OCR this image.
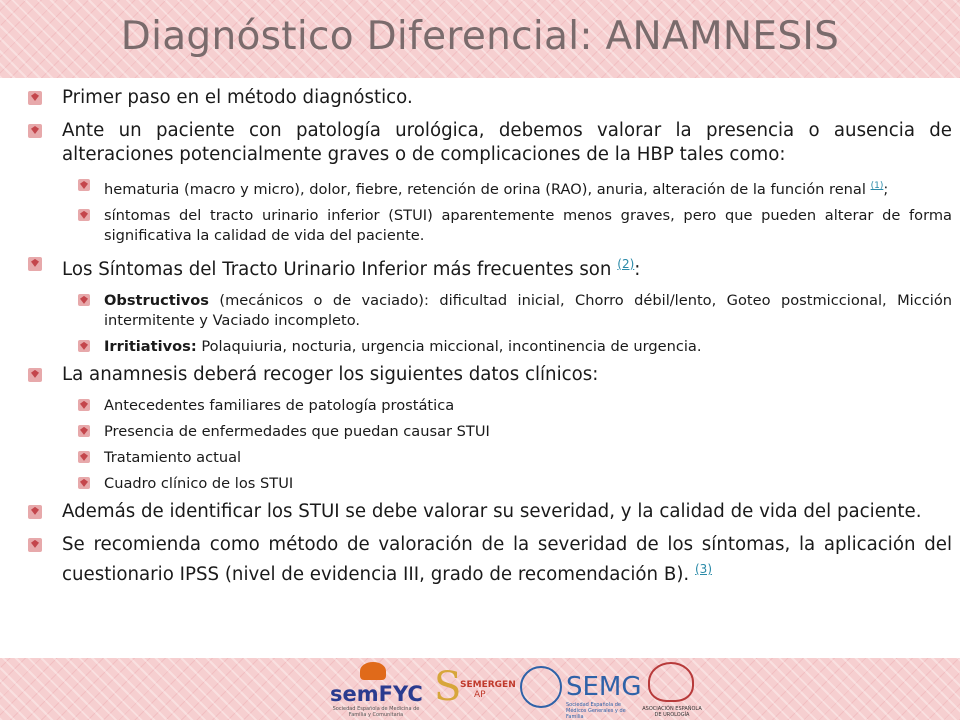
Diagnóstico Diferencial: ANAMNESIS
Primer paso en el método diagnóstico.
Ante un paciente con patología urológica, debemos valorar la presencia o ausencia de alteraciones potencialmente graves o de complicaciones de la HBP tales como:
hematuria (macro y micro), dolor, fiebre, retención de orina (RAO), anuria, alteración de la función renal $^{(1)}$;
síntomas del tracto urinario inferior (STUI) aparentemente menos graves, pero que pueden alterar de forma significativa la calidad de vida del paciente.
Los Síntomas del Tracto Urinario Inferior más frecuentes son $^{(2)}$:
Obstructivos (mecánicos o de vaciado): dificultad inicial, Chorro débil/lento, Goteo postmiccional, Micción intermitente y Vaciado incompleto.
Irritiativos: Polaquiuria, nocturia, urgencia miccional, incontinencia de urgencia.
La anamnesis deberá recoger los siguientes datos clínicos:
Antecedentes familiares de patología prostática
Presencia de enfermedades que puedan causar STUI
Tratamiento actual
Cuadro clínico de los STUI
Además de identificar los STUI se debe valorar su severidad, y la calidad de vida del paciente.
Se recomienda como método de valoración de la severidad de los síntomas, la aplicación del cuestionario IPSS (nivel de evidencia III, grado de recomendación B). $^{(3)}$
semFYC
Sociedad Española de Medicina de Familia y Comunitaria
S
SEMERGEN
AP	SEMG
Sociedad Española de Médicos Generales y de Familia
ASOCIACIÓN ESPAÑOLA DE UROLOGÍA
